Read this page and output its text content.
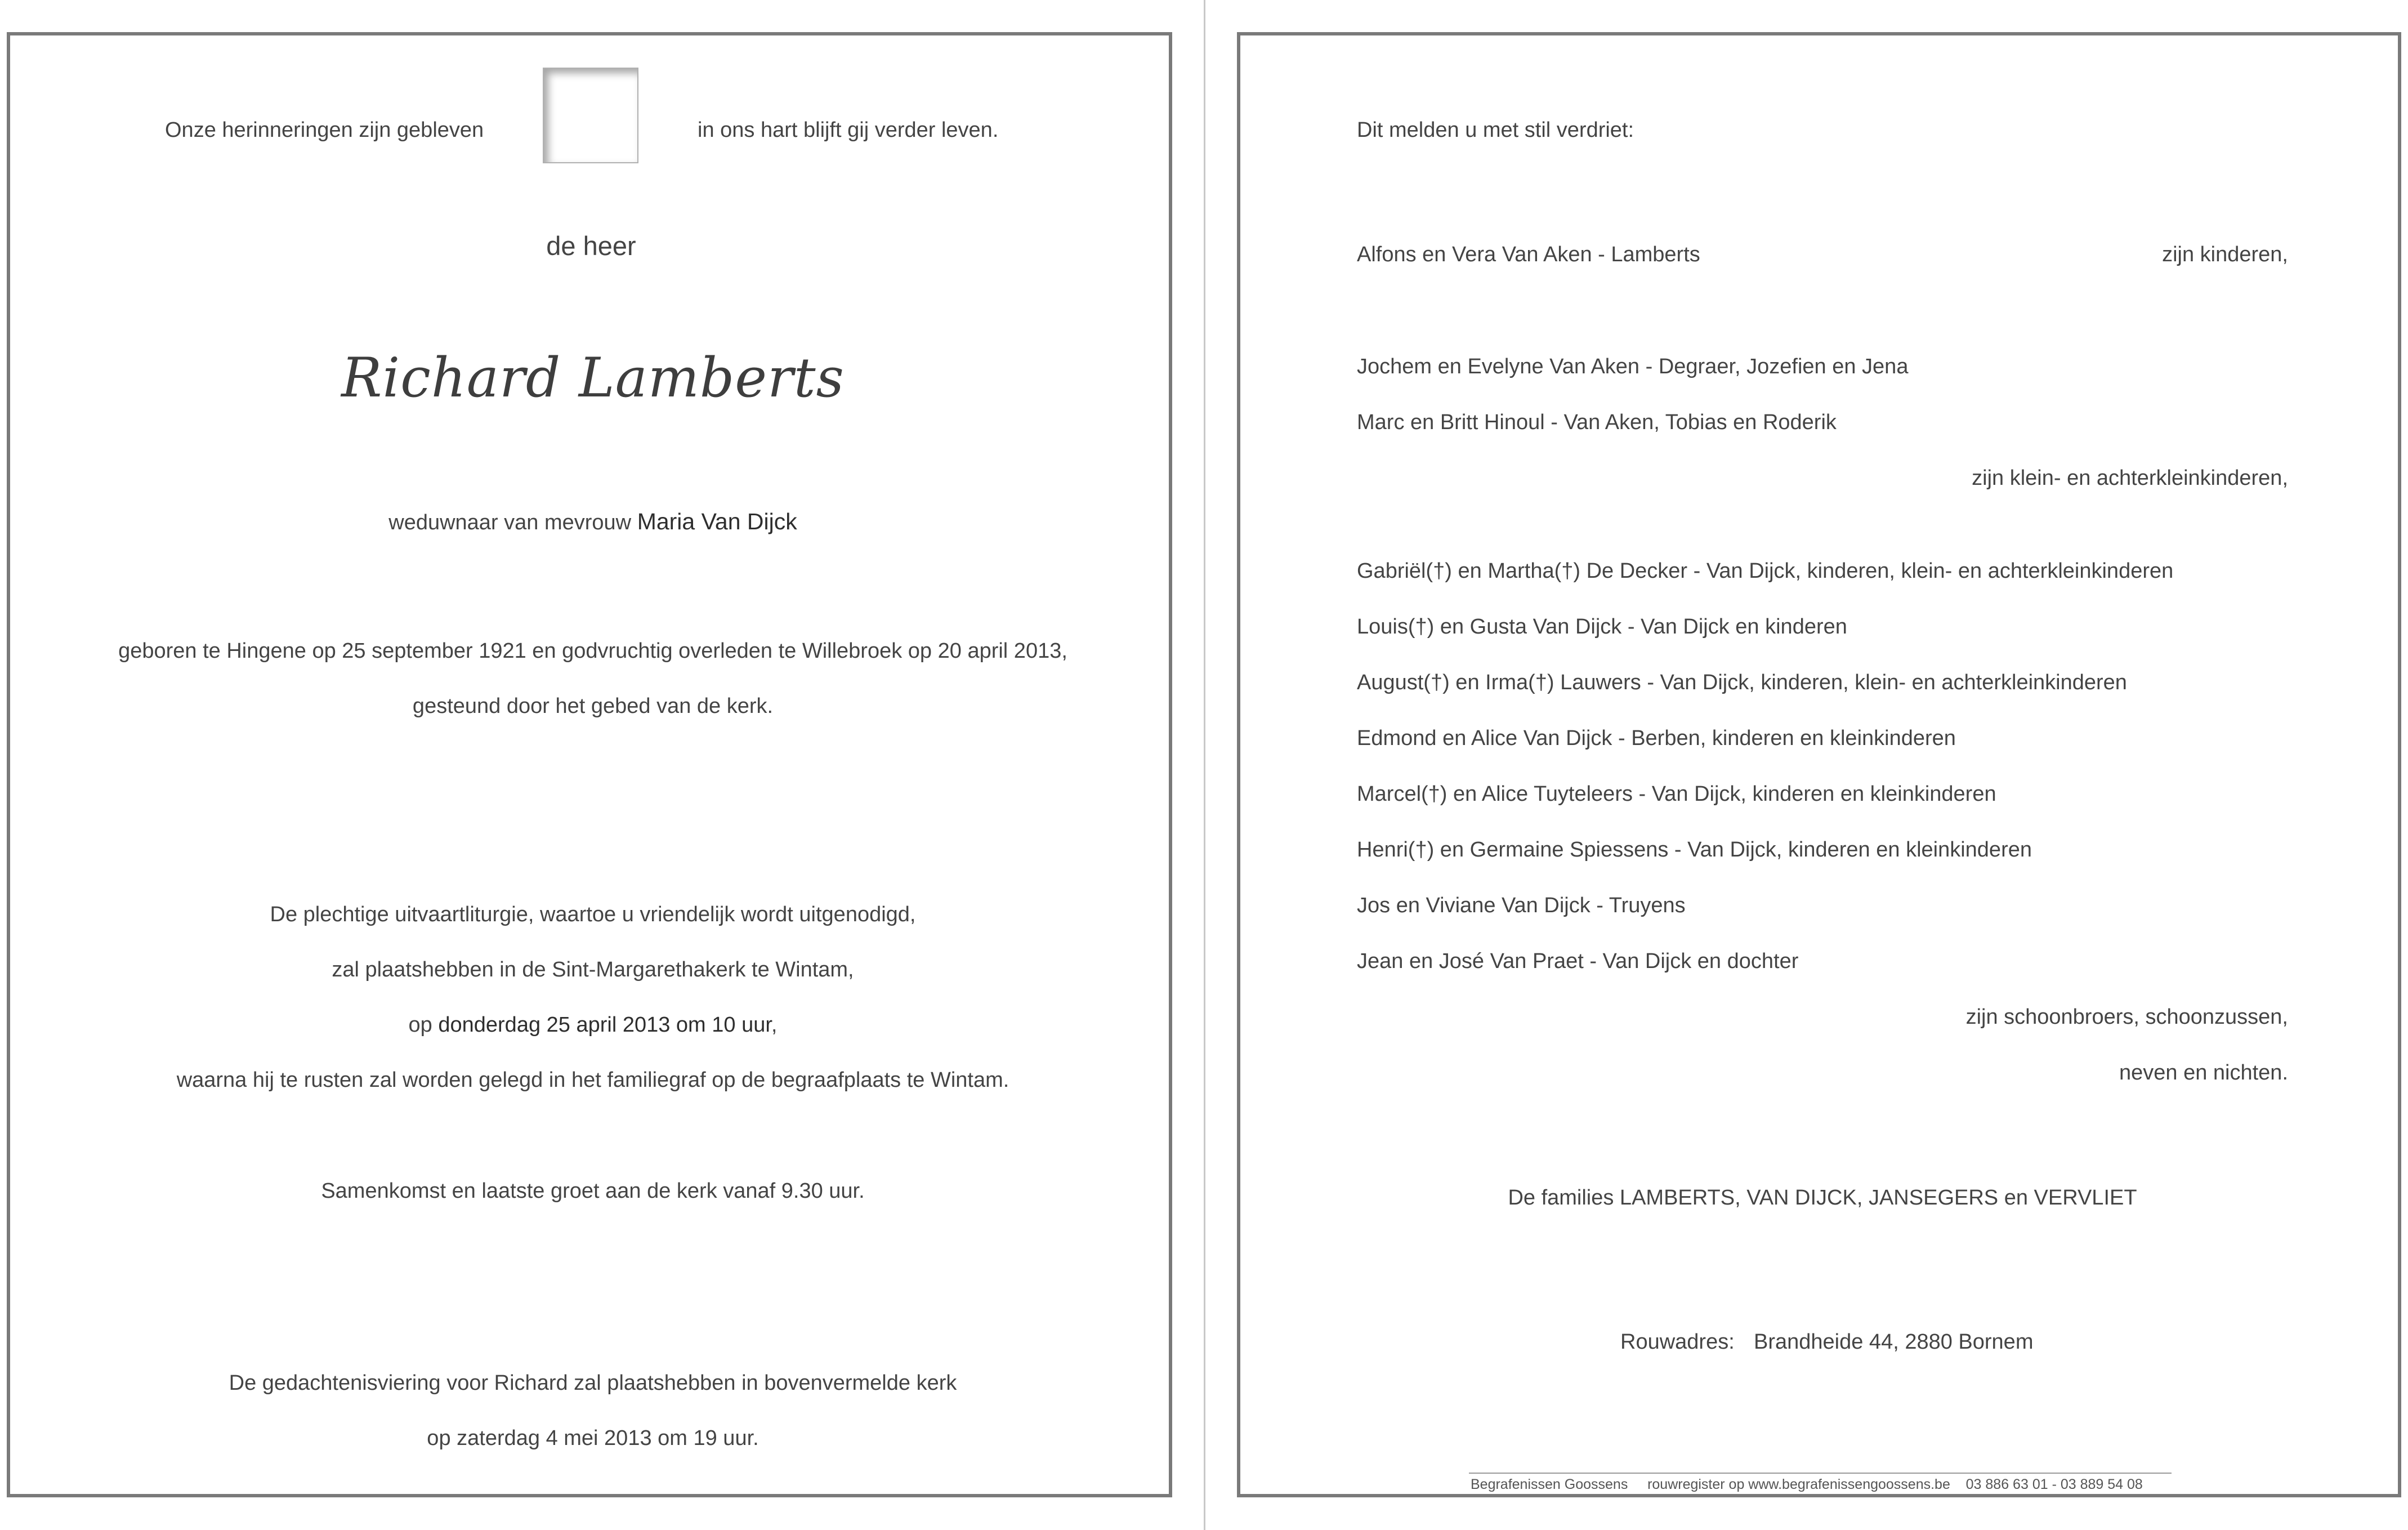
Onze herinneringen zijn gebleven	in ons hart blijft gij verder leven.
de heer
Richard Lamberts
weduwnaar van mevrouw Maria Van Dijck
geboren te Hingene op 25 september 1921 en godvruchtig overleden te Willebroek op 20 april 2013,
gesteund door het gebed van de kerk.
De plechtige uitvaartliturgie, waartoe u vriendelijk wordt uitgenodigd,
zal plaatshebben in de Sint-Margarethakerk te Wintam,
op donderdag 25 april 2013 om 10 uur,
waarna hij te rusten zal worden gelegd in het familiegraf op de begraafplaats te Wintam.
Samenkomst en laatste groet aan de kerk vanaf 9.30 uur.
De gedachtenisviering voor Richard zal plaatshebben in bovenvermelde kerk
op zaterdag 4 mei 2013 om 19 uur.
Dit melden u met stil verdriet:
Alfons en Vera Van Aken - Lamberts	zijn kinderen,
Jochem en Evelyne Van Aken - Degraer, Jozefien en Jena
Marc en Britt Hinoul - Van Aken, Tobias en Roderik
zijn klein- en achterkleinkinderen,
Gabriël(†) en Martha(†) De Decker - Van Dijck, kinderen, klein- en achterkleinkinderen
Louis(†) en Gusta Van Dijck - Van Dijck en kinderen
August(†) en Irma(†) Lauwers - Van Dijck, kinderen, klein- en achterkleinkinderen
Edmond en Alice Van Dijck - Berben, kinderen en kleinkinderen
Marcel(†) en Alice Tuyteleers - Van Dijck, kinderen en kleinkinderen
Henri(†) en Germaine Spiessens - Van Dijck, kinderen en kleinkinderen
Jos en Viviane Van Dijck - Truyens
Jean en José Van Praet - Van Dijck en dochter
zijn schoonbroers, schoonzussen,
neven en nichten.
De families LAMBERTS, VAN DIJCK, JANSEGERS en VERVLIET
Rouwadres: Brandheide 44, 2880 Bornem
Begrafenissen Goossens     rouwregister op www.begrafenissengoossens.be    03 886 63 01 - 03 889 54 08
